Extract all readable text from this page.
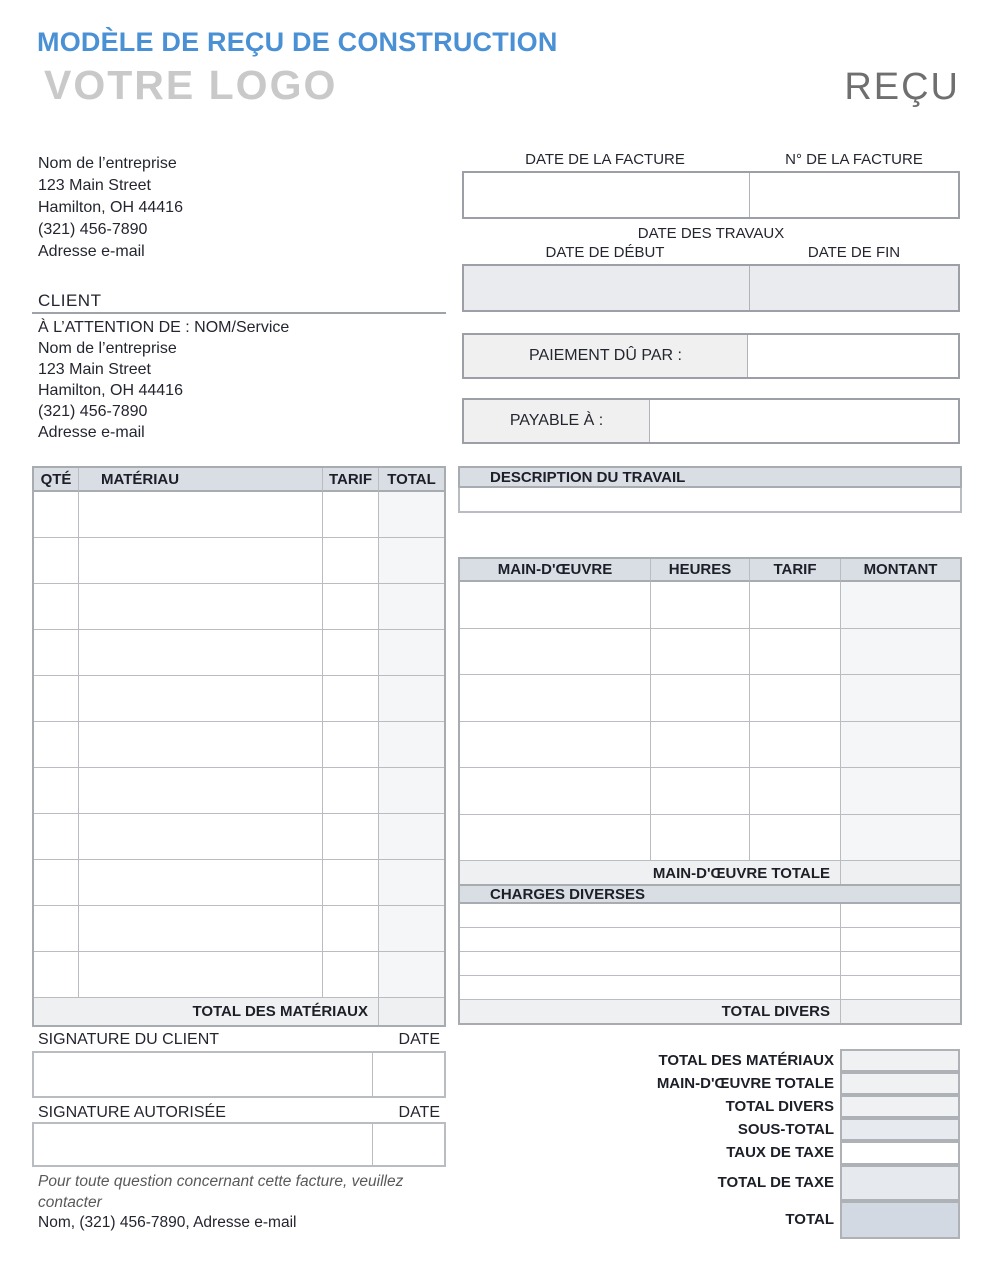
MODÈLE DE REÇU DE CONSTRUCTION
VOTRE LOGO	REÇU
Nom de l’entreprise
123 Main Street
Hamilton, OH 44416
(321) 456-7890
Adresse e-mail
DATE DE LA FACTURE	N° DE LA FACTURE
DATE DES TRAVAUX
DATE DE DÉBUT	DATE DE FIN
PAIEMENT DÛ PAR :
PAYABLE À :
CLIENT
À L’ATTENTION DE : NOM/Service
Nom de l’entreprise
123 Main Street
Hamilton, OH 44416
(321) 456-7890
Adresse e-mail
QTÉ	MATÉRIAU	TARIF	TOTAL
TOTAL DES MATÉRIAUX
DESCRIPTION DU TRAVAIL
MAIN-D'ŒUVRE	HEURES	TARIF	MONTANT
MAIN-D'ŒUVRE TOTALE
CHARGES DIVERSES
TOTAL DIVERS
SIGNATURE DU CLIENT	DATE
SIGNATURE AUTORISÉE	DATE
Pour toute question concernant cette facture, veuillez contacter
Nom, (321) 456-7890, Adresse e-mail
TOTAL DES MATÉRIAUX
MAIN-D'ŒUVRE TOTALE
TOTAL DIVERS
SOUS-TOTAL
TAUX DE TAXE
TOTAL DE TAXE
TOTAL
